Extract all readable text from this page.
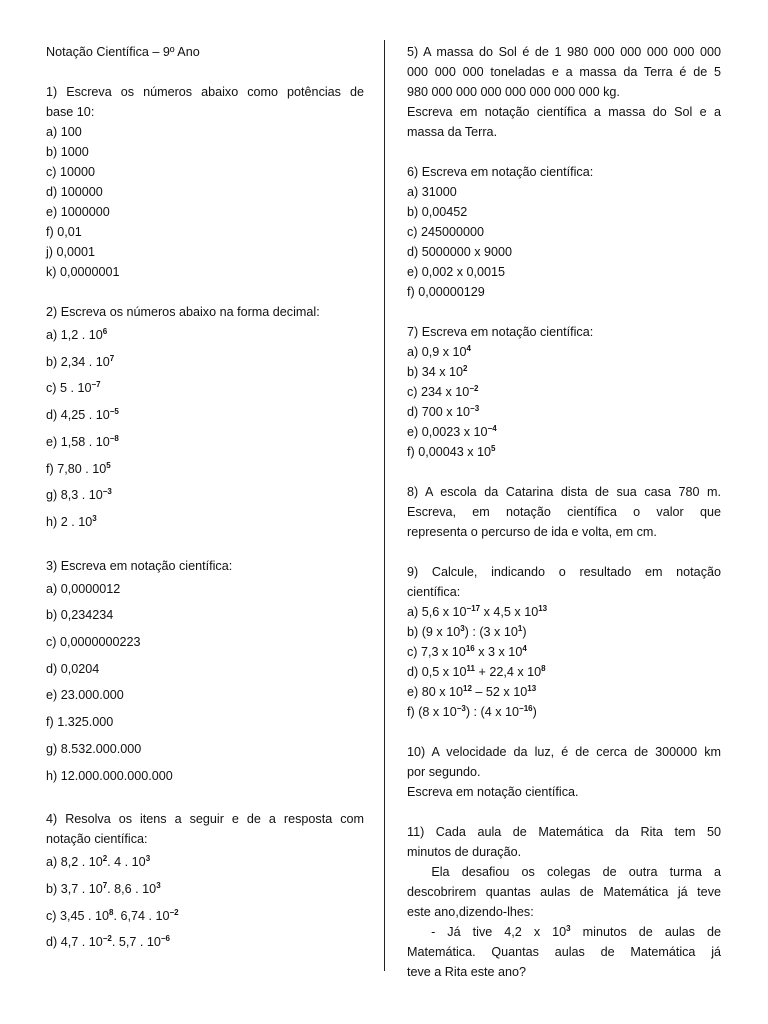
Notação Científica – 9º Ano
1) Escreva os números abaixo como potências de
base 10:
a) 100
b) 1000
c) 10000
d) 100000
e) 1000000
f) 0,01
j) 0,0001
k) 0,0000001
2) Escreva os números abaixo na forma decimal:
a) 1,2 . $10^6$
b) 2,34 . $10^7$
c) 5 . $10^{-7}$
d) 4,25 . $10^{-5}$
e) 1,58 . $10^{-8}$
f) 7,80 . $10^5$
g) 8,3 . $10^{-3}$
h) 2 . $10^3$
3) Escreva em notação científica:
a) 0,0000012
b) 0,234234
c) 0,0000000223
d) 0,0204
e) 23.000.000
f) 1.325.000
g) 8.532.000.000
h) 12.000.000.000.000
4) Resolva os itens a seguir e de a resposta com
notação científica:
a) 8,2 . $10^2$. 4 . $10^3$
b) 3,7 . $10^7$. 8,6 . $10^3$
c) 3,45 . $10^8$. 6,74 . $10^{-2}$
d) 4,7 . $10^{-2}$. 5,7 . $10^{-6}$
5) A massa do Sol é de 1 980 000 000 000 000 000
000 000 000 toneladas e a massa da Terra é de 5
980 000 000 000 000 000 000 000 kg.
Escreva em notação científica a massa do Sol e a
massa da Terra.
6) Escreva em notação científica:
a) 31000
b) 0,00452
c) 245000000
d) 5000000 x 9000
e) 0,002 x 0,0015
f) 0,00000129
7) Escreva em notação científica:
a) 0,9 x $10^4$
b) 34 x $10^2$
c) 234 x $10^{-2}$
d) 700 x $10^{-3}$
e) 0,0023 x $10^{-4}$
f) 0,00043 x $10^5$
8) A escola da Catarina dista de sua casa 780 m.
Escreva, em notação científica o valor que
representa o percurso de ida e volta, em cm.
9) Calcule, indicando o resultado em notação
científica:
a) 5,6 x $10^{-17}$ x 4,5 x $10^{13}$
b) (9 x $10^3$) : (3 x $10^1$)
c) 7,3 x $10^{16}$ x 3 x $10^4$
d) 0,5 x $10^{11} + 22,4$ x $10^8$
e) 80 x $10^{12} - 52$ x $10^{13}$
f) (8 x $10^{-3}$) : (4 x $10^{-16}$)
10) A velocidade da luz, é de cerca de 300000 km
por segundo.
Escreva em notação científica.
11) Cada aula de Matemática da Rita tem 50
minutos de duração.
Ela desafiou os colegas de outra turma a
descobrirem quantas aulas de Matemática já teve
este ano,dizendo-lhes:
- Já tive 4,2 x $10^3$ minutos de aulas de
Matemática. Quantas aulas de Matemática já
teve a Rita este ano?
